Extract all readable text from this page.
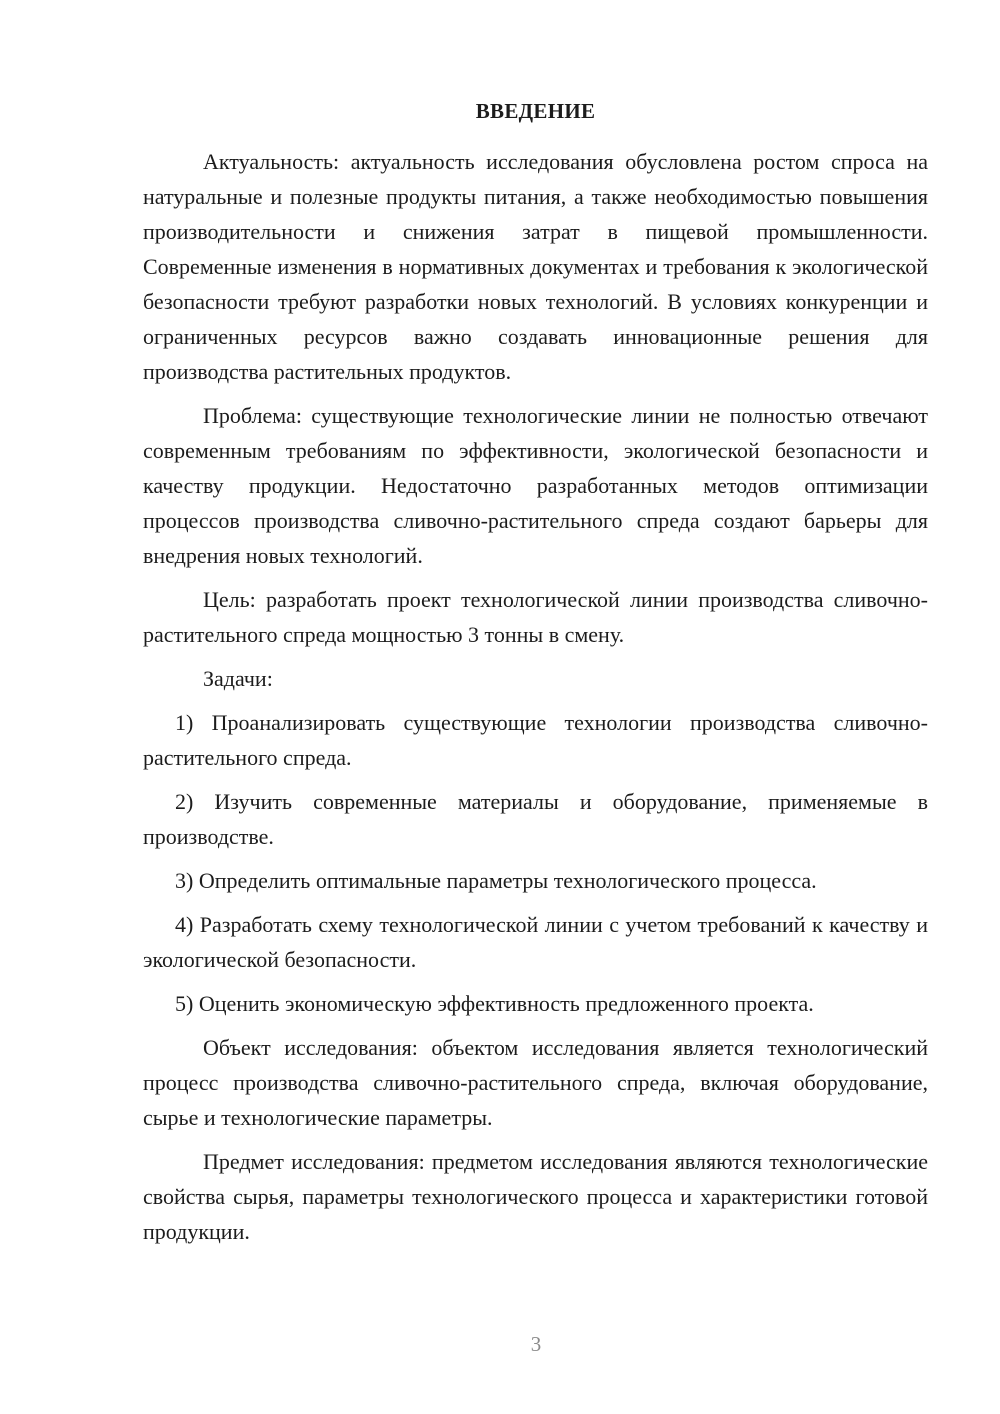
ВВЕДЕНИЕ

Актуальность: актуальность исследования обусловлена ростом спроса на натуральные и полезные продукты питания, а также необходимостью повышения производительности и снижения затрат в пищевой промышленности. Современные изменения в нормативных документах и требования к экологической безопасности требуют разработки новых технологий. В условиях конкуренции и ограниченных ресурсов важно создавать инновационные решения для производства растительных продуктов.

Проблема: существующие технологические линии не полностью отвечают современным требованиям по эффективности, экологической безопасности и качеству продукции. Недостаточно разработанных методов оптимизации процессов производства сливочно-растительного спреда создают барьеры для внедрения новых технологий.

Цель: разработать проект технологической линии производства сливочно-растительного спреда мощностью 3 тонны в смену.

Задачи:

1) Проанализировать существующие технологии производства сливочно-растительного спреда.

2) Изучить современные материалы и оборудование, применяемые в производстве.

3) Определить оптимальные параметры технологического процесса.

4) Разработать схему технологической линии с учетом требований к качеству и экологической безопасности.

5) Оценить экономическую эффективность предложенного проекта.

Объект исследования: объектом исследования является технологический процесс производства сливочно-растительного спреда, включая оборудование, сырье и технологические параметры.

Предмет исследования: предметом исследования являются технологические свойства сырья, параметры технологического процесса и характеристики готовой продукции.

3
